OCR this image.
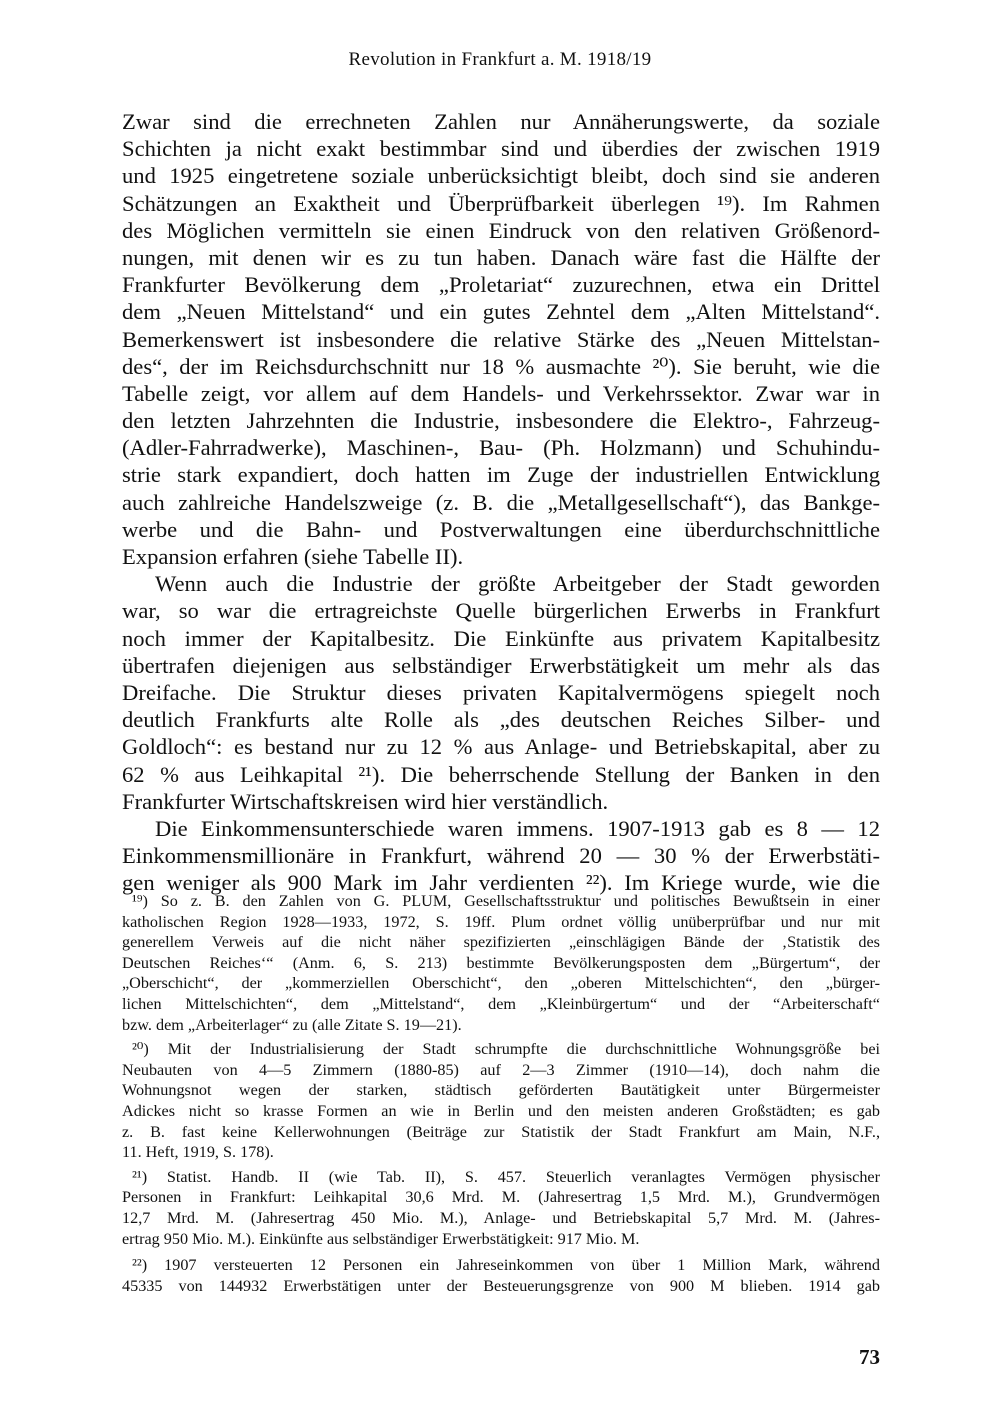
Revolution in Frankfurt a. M. 1918/19
Zwar sind die errechneten Zahlen nur Annäherungswerte, da soziale
Schichten ja nicht exakt bestimmbar sind und überdies der zwischen 1919
und 1925 eingetretene soziale unberücksichtigt bleibt, doch sind sie anderen
Schätzungen an Exaktheit und Überprüfbarkeit überlegen ¹⁹). Im Rahmen
des Möglichen vermitteln sie einen Eindruck von den relativen Größenord-
nungen, mit denen wir es zu tun haben. Danach wäre fast die Hälfte der
Frankfurter Bevölkerung dem „Proletariat“ zuzurechnen, etwa ein Drittel
dem „Neuen Mittelstand“ und ein gutes Zehntel dem „Alten Mittelstand“.
Bemerkenswert ist insbesondere die relative Stärke des „Neuen Mittelstan-
des“, der im Reichsdurchschnitt nur 18 % ausmachte ²⁰). Sie beruht, wie die
Tabelle zeigt, vor allem auf dem Handels- und Verkehrssektor. Zwar war in
den letzten Jahrzehnten die Industrie, insbesondere die Elektro-, Fahrzeug-
(Adler-Fahrradwerke), Maschinen-, Bau- (Ph. Holzmann) und Schuhindu-
strie stark expandiert, doch hatten im Zuge der industriellen Entwicklung
auch zahlreiche Handelszweige (z. B. die „Metallgesellschaft“), das Bankge-
werbe und die Bahn- und Postverwaltungen eine überdurchschnittliche
Expansion erfahren (siehe Tabelle II).
Wenn auch die Industrie der größte Arbeitgeber der Stadt geworden
war, so war die ertragreichste Quelle bürgerlichen Erwerbs in Frankfurt
noch immer der Kapitalbesitz. Die Einkünfte aus privatem Kapitalbesitz
übertrafen diejenigen aus selbständiger Erwerbstätigkeit um mehr als das
Dreifache. Die Struktur dieses privaten Kapitalvermögens spiegelt noch
deutlich Frankfurts alte Rolle als „des deutschen Reiches Silber- und
Goldloch“: es bestand nur zu 12 % aus Anlage- und Betriebskapital, aber zu
62 % aus Leihkapital ²¹). Die beherrschende Stellung der Banken in den
Frankfurter Wirtschaftskreisen wird hier verständlich.
Die Einkommensunterschiede waren immens. 1907-1913 gab es 8 — 12
Einkommensmillionäre in Frankfurt, während 20 — 30 % der Erwerbstäti-
gen weniger als 900 Mark im Jahr verdienten ²²). Im Kriege wurde, wie die
¹⁹) So z. B. den Zahlen von G. PLUM, Gesellschaftsstruktur und politisches Bewußtsein in einer
katholischen Region 1928—1933, 1972, S. 19ff. Plum ordnet völlig unüberprüfbar und nur mit
generellem Verweis auf die nicht näher spezifizierten „einschlägigen Bände der ‚Statistik des
Deutschen Reiches‘“ (Anm. 6, S. 213) bestimmte Bevölkerungsposten dem „Bürgertum“, der
„Oberschicht“, der „kommerziellen Oberschicht“, den „oberen Mittelschichten“, den „bürger-
lichen Mittelschichten“, dem „Mittelstand“, dem „Kleinbürgertum“ und der “Arbeiterschaft“
bzw. dem „Arbeiterlager“ zu (alle Zitate S. 19—21).
²⁰) Mit der Industrialisierung der Stadt schrumpfte die durchschnittliche Wohnungsgröße bei
Neubauten von 4—5 Zimmern (1880-85) auf 2—3 Zimmer (1910—14), doch nahm die
Wohnungsnot wegen der starken, städtisch geförderten Bautätigkeit unter Bürgermeister
Adickes nicht so krasse Formen an wie in Berlin und den meisten anderen Großstädten; es gab
z. B. fast keine Kellerwohnungen (Beiträge zur Statistik der Stadt Frankfurt am Main, N.F.,
11. Heft, 1919, S. 178).
²¹) Statist. Handb. II (wie Tab. II), S. 457. Steuerlich veranlagtes Vermögen physischer
Personen in Frankfurt: Leihkapital 30,6 Mrd. M. (Jahresertrag 1,5 Mrd. M.), Grundvermögen
12,7 Mrd. M. (Jahresertrag 450 Mio. M.), Anlage- und Betriebskapital 5,7 Mrd. M. (Jahres-
ertrag 950 Mio. M.). Einkünfte aus selbständiger Erwerbstätigkeit: 917 Mio. M.
²²) 1907 versteuerten 12 Personen ein Jahreseinkommen von über 1 Million Mark, während
45335 von 144932 Erwerbstätigen unter der Besteuerungsgrenze von 900 M blieben. 1914 gab
73
